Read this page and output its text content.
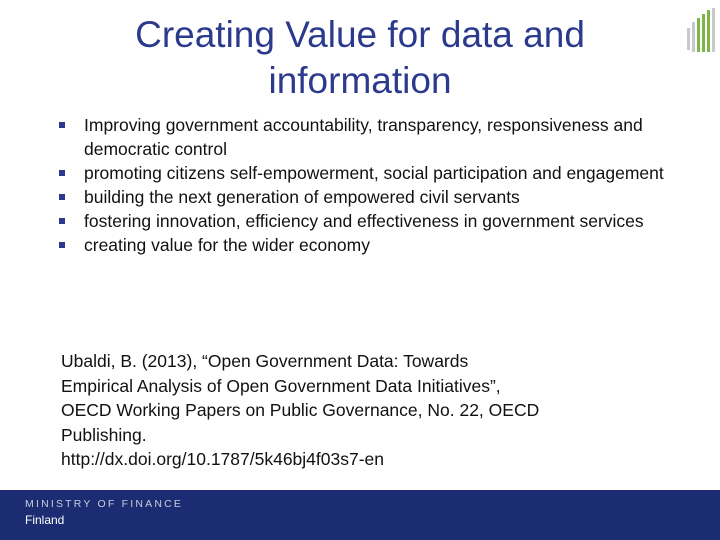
Creating Value for data and information
Improving government accountability, transparency, responsiveness and democratic control
promoting citizens self-empowerment, social participation and engagement
building the next generation of empowered civil servants
fostering innovation, efficiency and effectiveness in government services
creating value for the wider economy
Ubaldi, B. (2013), “Open Government Data: Towards
Empirical Analysis of Open Government Data Initiatives”,
OECD Working Papers on Public Governance, No. 22, OECD
Publishing.
http://dx.doi.org/10.1787/5k46bj4f03s7-en
MINISTRY OF FINANCE
Finland
